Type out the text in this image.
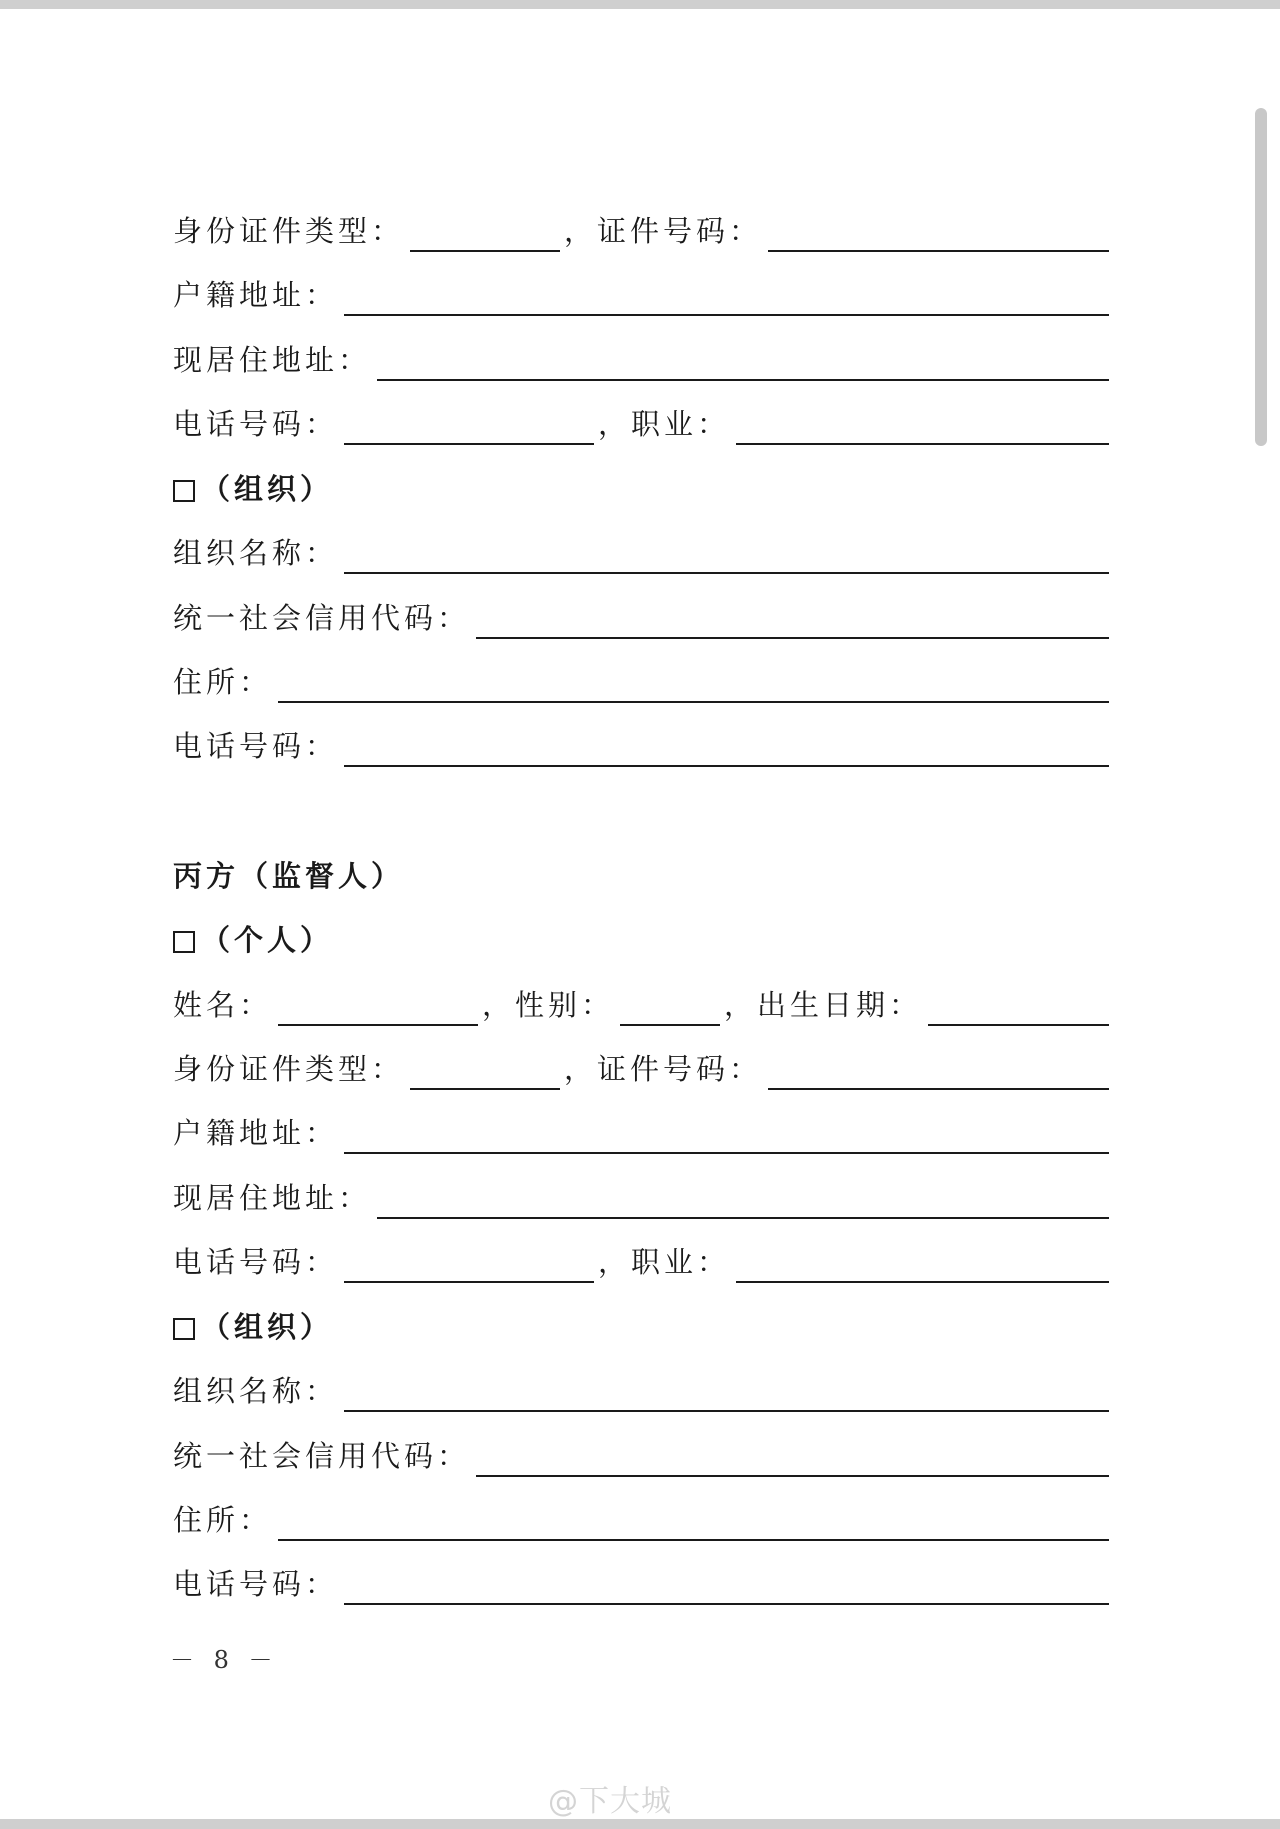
身份证件类型：	，证件号码：
户籍地址：
现居住地址：
电话号码：	，职业：
（组织）
组织名称：
统一社会信用代码：
住所：
电话号码：
丙方（监督人）
（个人）
姓名：	，性别：	，出生日期：
身份证件类型：	，证件号码：
户籍地址：
现居住地址：
电话号码：	，职业：
（组织）
组织名称：
统一社会信用代码：
住所：
电话号码：
－ 8 －
@下大城
